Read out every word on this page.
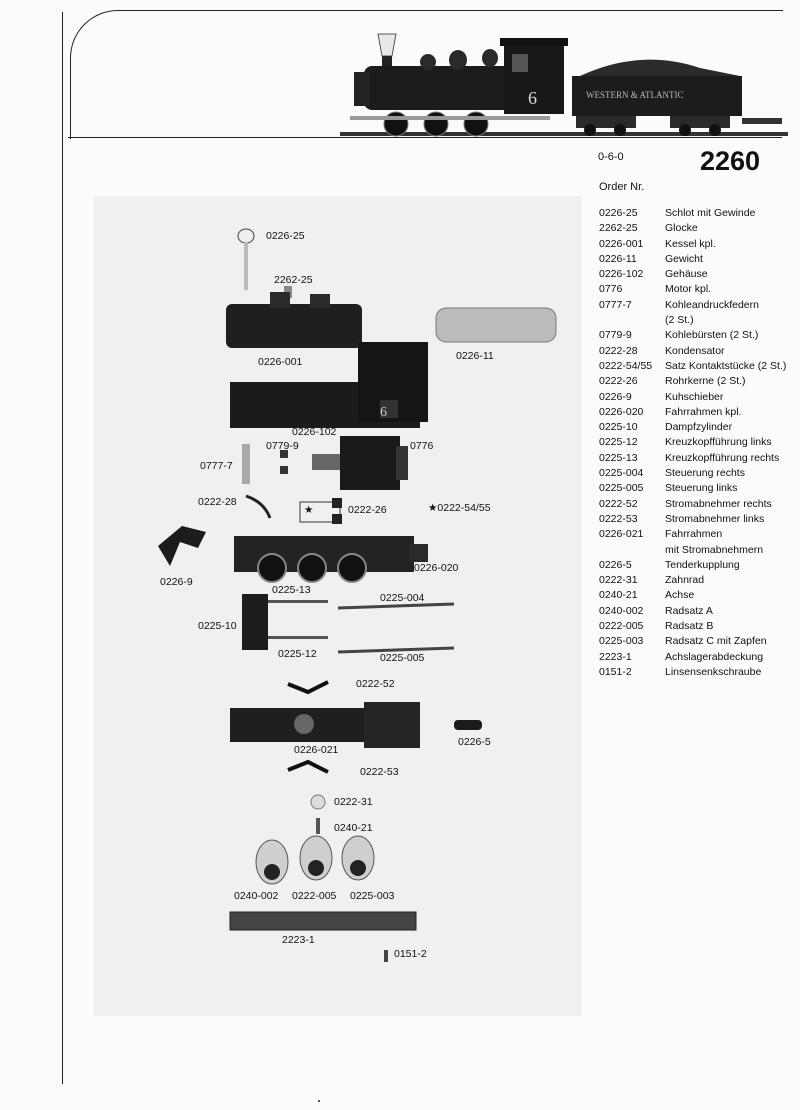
6	WESTERN & ATLANTIC
0-6-0	2260
Order Nr.
0226-25	Schlot mit Gewinde
2262-25	Glocke
0226-001	Kessel kpl.
0226-11	Gewicht
0226-102	Gehäuse
0776	Motor kpl.
0777-7	Kohleandruckfedern
(2 St.)
0779-9	Kohlebürsten (2 St.)
0222-28	Kondensator
0222-54/55	Satz Kontaktstücke (2 St.)
0222-26	Rohrkerne (2 St.)
0226-9	Kuhschieber
0226-020	Fahrrahmen kpl.
0225-10	Dampfzylinder
0225-12	Kreuzkopfführung links
0225-13	Kreuzkopfführung rechts
0225-004	Steuerung rechts
0225-005	Steuerung links
0222-52	Stromabnehmer rechts
0222-53	Stromabnehmer links
0226-021	Fahrrahmen
mit Stromabnehmern
0226-5	Tenderkupplung
0222-31	Zahnrad
0240-21	Achse
0240-002	Radsatz A
0222-005	Radsatz B
0225-003	Radsatz C mit Zapfen
2223-1	Achslagerabdeckung
0151-2	Linsensenkschraube
6
0226-25
2262-25
0226-001	0226-11
0226-102
0779-9	0776
0777-7
0222-28
★	0222-26	★0222-54/55
0226-9
0225-13
0226-020
0225-004
0225-10
0225-12	0225-005
0222-52
0226-021
0226-5
0222-53
0222-31
0240-21
0240-002 0222-005 0225-003
2223-1
0151-2
